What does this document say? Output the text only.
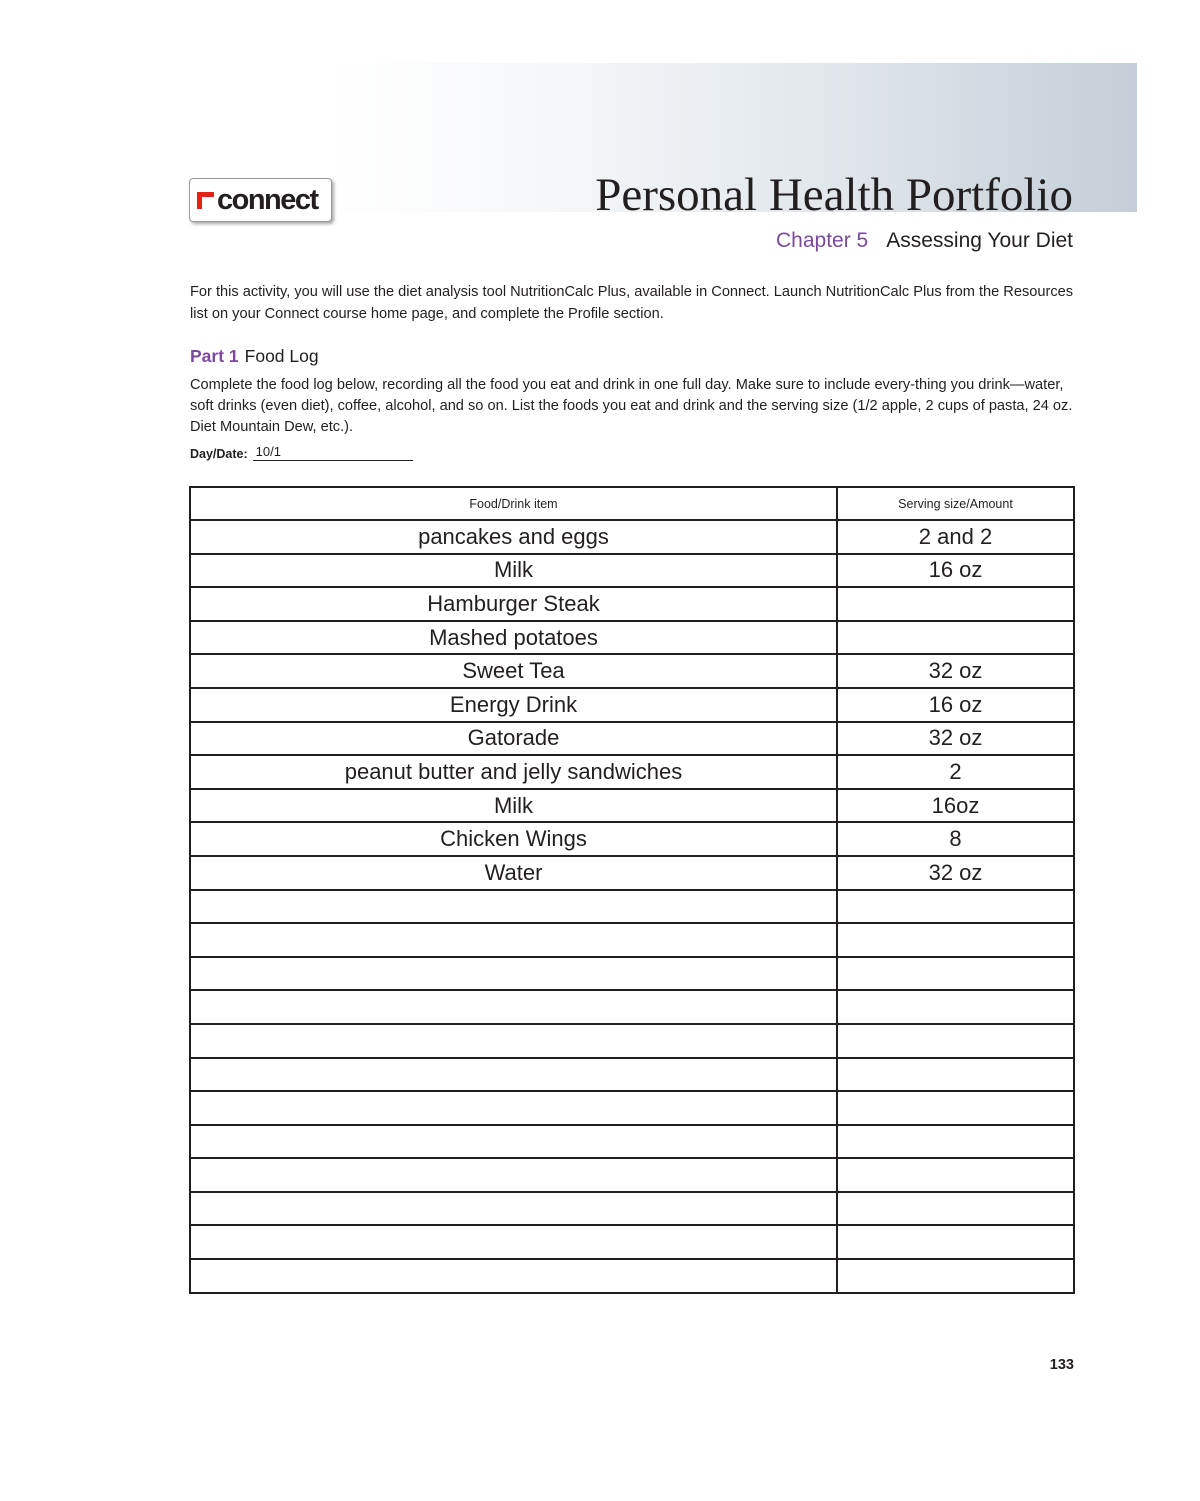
connect	Personal Health Portfolio
Chapter 5 Assessing Your Diet
For this activity, you will use the diet analysis tool NutritionCalc Plus, available in Connect. Launch NutritionCalc Plus from the Resources list on your Connect course home page, and complete the Profile section.
Part 1 Food Log
Complete the food log below, recording all the food you eat and drink in one full day. Make sure to include every-thing you drink—water, soft drinks (even diet), coffee, alcohol, and so on. List the foods you eat and drink and the serving size (1/2 apple, 2 cups of pasta, 24 oz. Diet Mountain Dew, etc.).
Day/Date: 10/1
Food/Drink item	Serving size/Amount
pancakes and eggs	2 and 2
Milk	16 oz
Hamburger Steak	
Mashed potatoes	
Sweet Tea	32 oz
Energy Drink	16 oz
Gatorade	32 oz
peanut butter and jelly sandwiches	2
Milk	16oz
Chicken Wings	8
Water	32 oz

133
